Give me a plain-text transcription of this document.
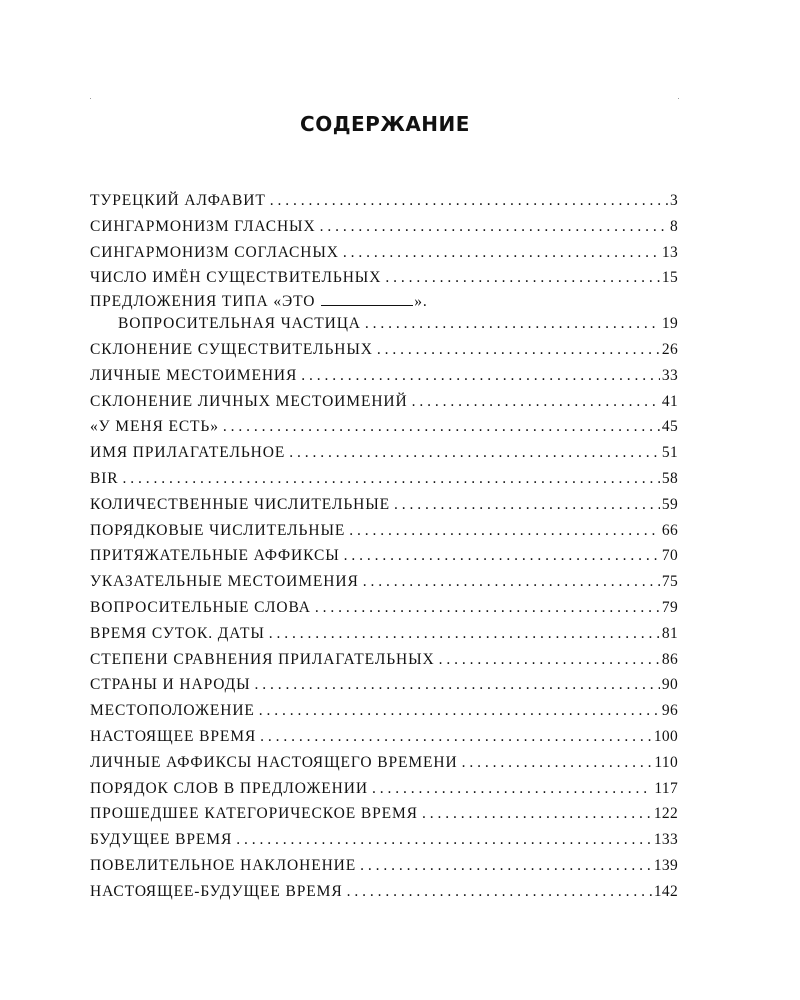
СОДЕРЖАНИЕ
ТУРЕЦКИЙ АЛФАВИТ . . .	3
СИНГАРМОНИЗМ ГЛАСНЫХ . . .	8
СИНГАРМОНИЗМ СОГЛАСНЫХ . . .	13
ЧИСЛО ИМЁН СУЩЕСТВИТЕЛЬНЫХ . . .	15
ПРЕДЛОЖЕНИЯ ТИПА «ЭТО	».
ВОПРОСИТЕЛЬНАЯ ЧАСТИЦА . . .	19
СКЛОНЕНИЕ СУЩЕСТВИТЕЛЬНЫХ . . .	26
ЛИЧНЫЕ МЕСТОИМЕНИЯ . . .	33
СКЛОНЕНИЕ ЛИЧНЫХ МЕСТОИМЕНИЙ . . .	41
«У МЕНЯ ЕСТЬ» . . .	45
ИМЯ ПРИЛАГАТЕЛЬНОЕ . . .	51
BIR . . .	58
КОЛИЧЕСТВЕННЫЕ ЧИСЛИТЕЛЬНЫЕ . . .	59
ПОРЯДКОВЫЕ ЧИСЛИТЕЛЬНЫЕ . . .	66
ПРИТЯЖАТЕЛЬНЫЕ АФФИКСЫ . . .	70
УКАЗАТЕЛЬНЫЕ МЕСТОИМЕНИЯ . . .	75
ВОПРОСИТЕЛЬНЫЕ СЛОВА . . .	79
ВРЕМЯ СУТОК. ДАТЫ . . .	81
СТЕПЕНИ СРАВНЕНИЯ ПРИЛАГАТЕЛЬНЫХ . . .	86
СТРАНЫ И НАРОДЫ . . .	90
МЕСТОПОЛОЖЕНИЕ . . .	96
НАСТОЯЩЕЕ ВРЕМЯ . . .	100
ЛИЧНЫЕ АФФИКСЫ НАСТОЯЩЕГО ВРЕМЕНИ . . .	110
ПОРЯДОК СЛОВ В ПРЕДЛОЖЕНИИ . . .	117
ПРОШЕДШЕЕ КАТЕГОРИЧЕСКОЕ ВРЕМЯ . . .	122
БУДУЩЕЕ ВРЕМЯ . . .	133
ПОВЕЛИТЕЛЬНОЕ НАКЛОНЕНИЕ . . .	139
НАСТОЯЩЕЕ-БУДУЩЕЕ ВРЕМЯ . . .	142
